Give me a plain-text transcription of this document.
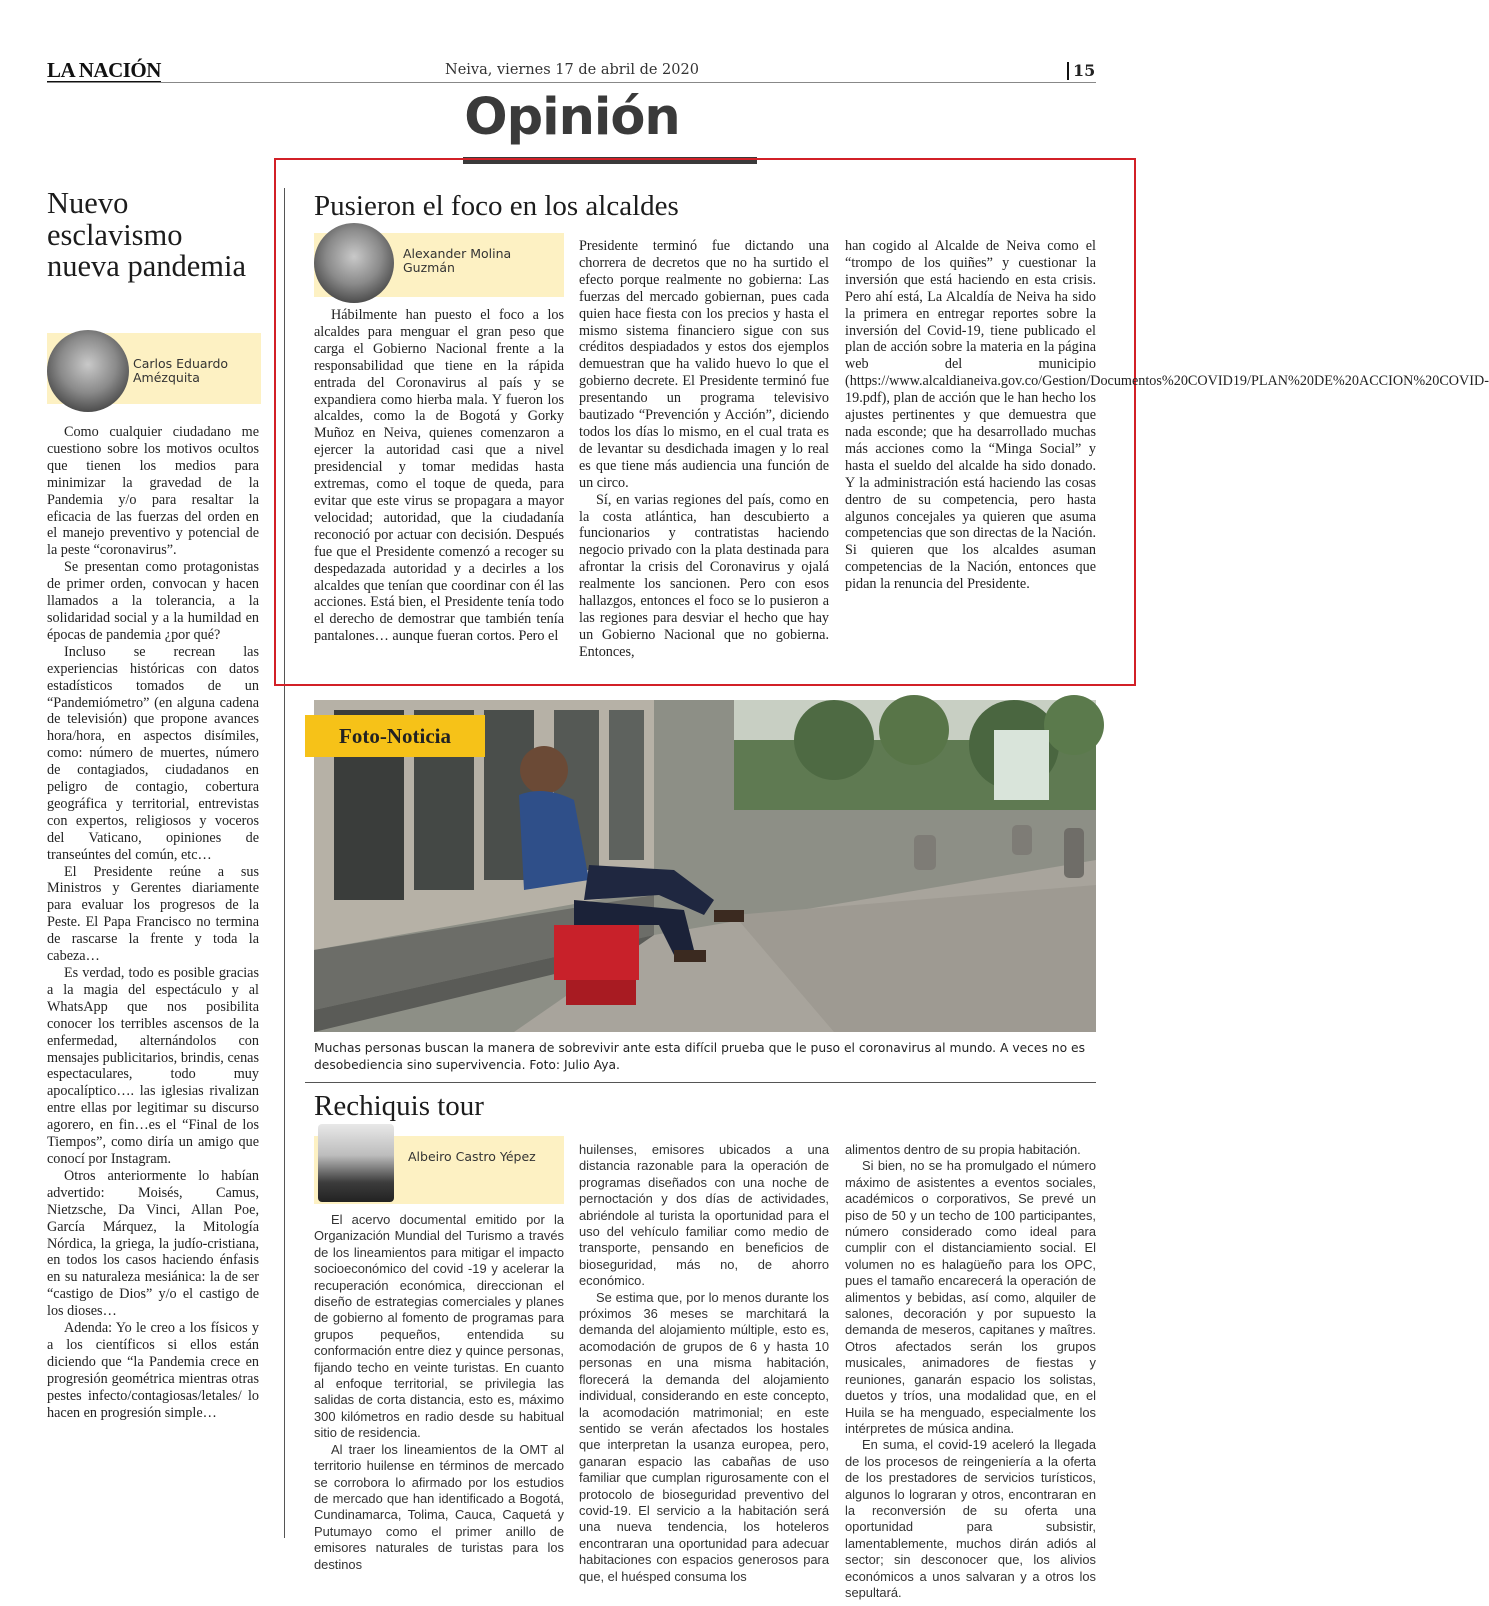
LA NACIÓN	Neiva, viernes 17 de abril de 2020	15
Opinión
Nuevo esclavismo nueva pandemia
Carlos Eduardo Amézquita

Como cualquier ciudadano me cuestiono sobre los motivos ocultos que tienen los medios para minimizar la gravedad de la Pandemia y/o para resaltar la eficacia de las fuerzas del orden en el manejo preventivo y potencial de la peste “coronavirus”.

Se presentan como protagonistas de primer orden, convocan y hacen llamados a la tolerancia, a la solidaridad social y a la humildad en épocas de pandemia ¿por qué?

Incluso se recrean las experiencias históricas con datos estadísticos tomados de un “Pandemiómetro” (en alguna cadena de televisión) que propone avances hora/hora, en aspectos disímiles, como: número de muertes, número de contagiados, ciudadanos en peligro de contagio, cobertura geográfica y territorial, entrevistas con expertos, religiosos y voceros del Vaticano, opiniones de transeúntes del común, etc…

El Presidente reúne a sus Ministros y Gerentes diariamente para evaluar los progresos de la Peste. El Papa Francisco no termina de rascarse la frente y toda la cabeza…

Es verdad, todo es posible gracias a la magia del espectáculo y al WhatsApp que nos posibilita conocer los terribles ascensos de la enfermedad, alternándolos con mensajes publicitarios, brindis, cenas espectaculares, todo muy apocalíptico…. las iglesias rivalizan entre ellas por legitimar su discurso agorero, en fin…es el “Final de los Tiempos”, como diría un amigo que conocí por Instagram.

Otros anteriormente lo habían advertido: Moisés, Camus, Nietzsche, Da Vinci, Allan Poe, García Márquez, la Mitología Nórdica, la griega, la judío-cristiana, en todos los casos haciendo énfasis en su naturaleza mesiánica: la de ser “castigo de Dios” y/o el castigo de los dioses…

Adenda: Yo le creo a los físicos y a los científicos si ellos están diciendo que “la Pandemia crece en progresión geométrica mientras otras pestes infecto/contagiosas/letales/ lo hacen en progresión simple…

Pusieron el foco en los alcaldes
Alexander Molina Guzmán

Hábilmente han puesto el foco a los alcaldes para menguar el gran peso que carga el Gobierno Nacional frente a la responsabilidad que tiene en la rápida entrada del Coronavirus al país y se expandiera como hierba mala. Y fueron los alcaldes, como la de Bogotá y Gorky Muñoz en Neiva, quienes comenzaron a ejercer la autoridad casi que a nivel presidencial y tomar medidas hasta extremas, como el toque de queda, para evitar que este virus se propagara a mayor velocidad; autoridad, que la ciudadanía reconoció por actuar con decisión. Después fue que el Presidente comenzó a recoger su despedazada autoridad y a decirles a los alcaldes que tenían que coordinar con él las acciones. Está bien, el Presidente tenía todo el derecho de demostrar que también tenía pantalones… aunque fueran cortos. Pero el

Presidente terminó fue dictando una chorrera de decretos que no ha surtido el efecto porque realmente no gobierna: Las fuerzas del mercado gobiernan, pues cada quien hace fiesta con los precios y hasta el mismo sistema financiero sigue con sus créditos despiadados y estos dos ejemplos demuestran que ha valido huevo lo que el gobierno decrete. El Presidente terminó fue presentando un programa televisivo bautizado “Prevención y Acción”, diciendo todos los días lo mismo, en el cual trata es de levantar su desdichada imagen y lo real es que tiene más audiencia una función de un circo.

Sí, en varias regiones del país, como en la costa atlántica, han descubierto a funcionarios y contratistas haciendo negocio privado con la plata destinada para afrontar la crisis del Coronavirus y ojalá realmente los sancionen. Pero con esos hallazgos, entonces el foco se lo pusieron a las regiones para desviar el hecho que hay un Gobierno Nacional que no gobierna. Entonces,

han cogido al Alcalde de Neiva como el “trompo de los quiñes” y cuestionar la inversión que está haciendo en esta crisis. Pero ahí está, La Alcaldía de Neiva ha sido la primera en entregar reportes sobre la inversión del Covid-19, tiene publicado el plan de acción sobre la materia en la página web del municipio (https://www.alcaldianeiva.gov.co/Gestion/Documentos%20COVID19/PLAN%20DE%20ACCION%20COVID-19.pdf), plan de acción que le han hecho los ajustes pertinentes y que demuestra que nada esconde; que ha desarrollado muchas más acciones como la “Minga Social” y hasta el sueldo del alcalde ha sido donado. Y la administración está haciendo las cosas dentro de su competencia, pero hasta algunos concejales ya quieren que asuma competencias que son directas de la Nación. Si quieren que los alcaldes asuman competencias de la Nación, entonces que pidan la renuncia del Presidente.

Foto-Noticia
Muchas personas buscan la manera de sobrevivir ante esta difícil prueba que le puso el coronavirus al mundo. A veces no es desobediencia sino supervivencia. Foto: Julio Aya.
Rechiquis tour
Albeiro Castro Yépez

El acervo documental emitido por la Organización Mundial del Turismo a través de los lineamientos para mitigar el impacto socioeconómico del covid -19 y acelerar la recuperación económica, direccionan el diseño de estrategias comerciales y planes de gobierno al fomento de programas para grupos pequeños, entendida su conformación entre diez y quince personas, fijando techo en veinte turistas. En cuanto al enfoque territorial, se privilegia las salidas de corta distancia, esto es, máximo 300 kilómetros en radio desde su habitual sitio de residencia.

Al traer los lineamientos de la OMT al territorio huilense en términos de mercado se corrobora lo afirmado por los estudios de mercado que han identificado a Bogotá, Cundinamarca, Tolima, Cauca, Caquetá y Putumayo como el primer anillo de emisores naturales de turistas para los destinos

huilenses, emisores ubicados a una distancia razonable para la operación de programas diseñados con una noche de pernoctación y dos días de actividades, abriéndole al turista la oportunidad para el uso del vehículo familiar como medio de transporte, pensando en beneficios de bioseguridad, más no, de ahorro económico.

Se estima que, por lo menos durante los próximos 36 meses se marchitará la demanda del alojamiento múltiple, esto es, acomodación de grupos de 6 y hasta 10 personas en una misma habitación, florecerá la demanda del alojamiento individual, considerando en este concepto, la acomodación matrimonial; en este sentido se verán afectados los hostales que interpretan la usanza europea, pero, ganaran espacio las cabañas de uso familiar que cumplan rigurosamente con el protocolo de bioseguridad preventivo del covid-19. El servicio a la habitación será una nueva tendencia, los hoteleros encontraran una oportunidad para adecuar habitaciones con espacios generosos para que, el huésped consuma los

alimentos dentro de su propia habitación.

Si bien, no se ha promulgado el número máximo de asistentes a eventos sociales, académicos o corporativos, Se prevé un piso de 50 y un techo de 100 participantes, número considerado como ideal para cumplir con el distanciamiento social. El volumen no es halagüeño para los OPC, pues el tamaño encarecerá la operación de alimentos y bebidas, así como, alquiler de salones, decoración y por supuesto la demanda de meseros, capitanes y maîtres. Otros afectados serán los grupos musicales, animadores de fiestas y reuniones, ganarán espacio los solistas, duetos y tríos, una modalidad que, en el Huila se ha menguado, especialmente los intérpretes de música andina.

En suma, el covid-19 aceleró la llegada de los procesos de reingeniería a la oferta de los prestadores de servicios turísticos, algunos lo lograran y otros, encontraran en la reconversión de su oferta una oportunidad para subsistir, lamentablemente, muchos dirán adiós al sector; sin desconocer que, los alivios económicos a unos salvaran y a otros los sepultará.
